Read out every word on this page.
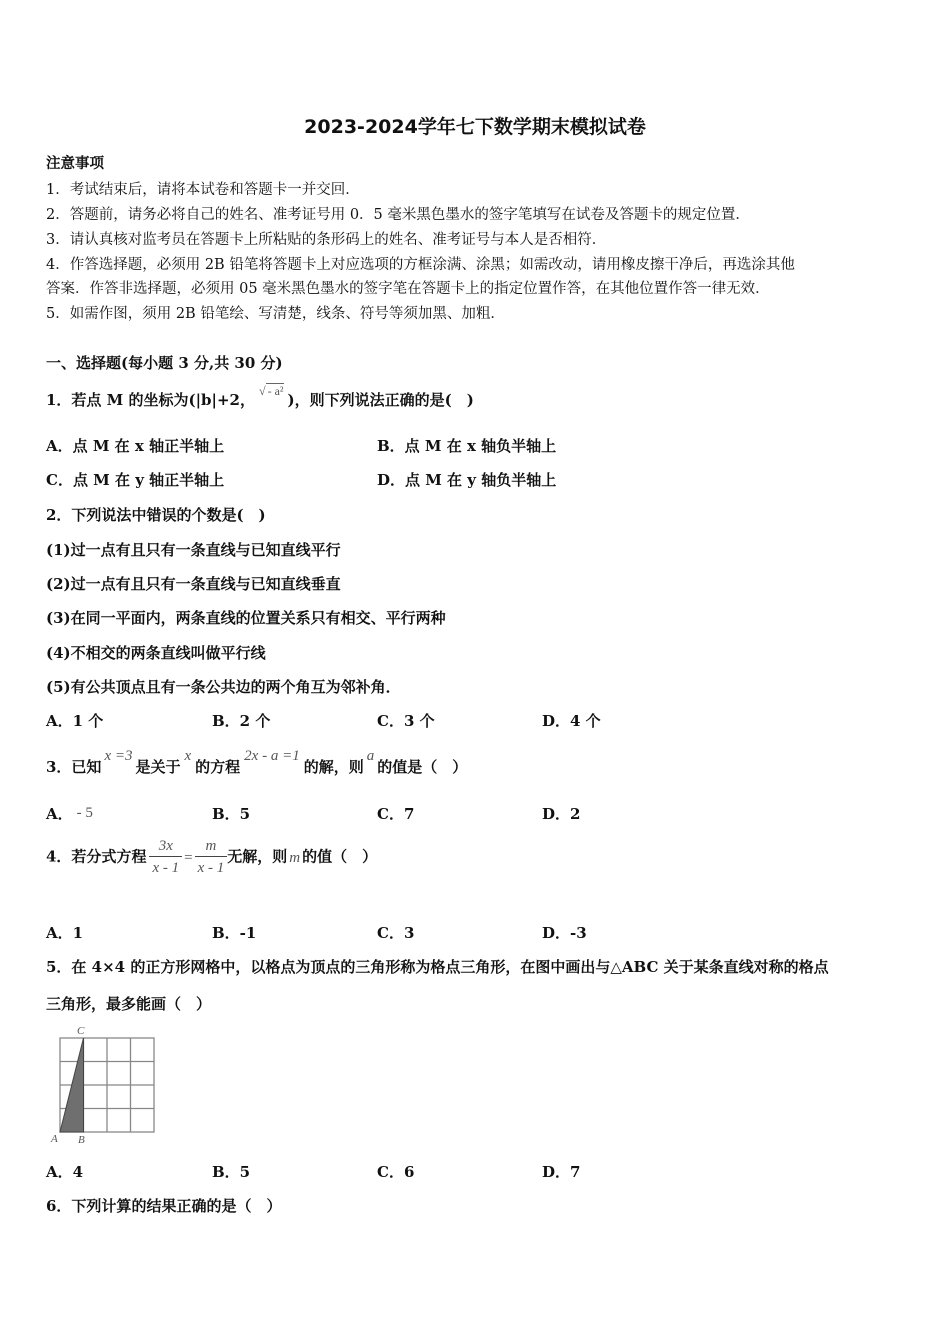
2023-2024学年七下数学期末模拟试卷
注意事项
1．考试结束后，请将本试卷和答题卡一并交回．
2．答题前，请务必将自己的姓名、准考证号用 0．5 毫米黑色墨水的签字笔填写在试卷及答题卡的规定位置．
3．请认真核对监考员在答题卡上所粘贴的条形码上的姓名、准考证号与本人是否相符．
4．作答选择题，必须用 2B 铅笔将答题卡上对应选项的方框涂满、涂黑；如需改动，请用橡皮擦干净后，再选涂其他
答案．作答非选择题，必须用 05 毫米黑色墨水的签字笔在答题卡上的指定位置作答，在其他位置作答一律无效．
5．如需作图，须用 2B 铅笔绘、写清楚，线条、符号等须加黑、加粗．
一、选择题(每小题 3 分,共 30 分)
1．若点 M 的坐标为(|b|+2， $^{√ - a^2}$ )，则下列说法正确的是(　)
A．点 M 在 x 轴正半轴上	B．点 M 在 x 轴负半轴上
C．点 M 在 y 轴正半轴上	D．点 M 在 y 轴负半轴上
2．下列说法中错误的个数是(　)
(1)过一点有且只有一条直线与已知直线平行
(2)过一点有且只有一条直线与已知直线垂直
(3)在同一平面内，两条直线的位置关系只有相交、平行两种
(4)不相交的两条直线叫做平行线
(5)有公共顶点且有一条公共边的两个角互为邻补角．
A．1 个	B．2 个	C．3 个	D．4 个
3．已知x =3是关于x的方程2x - a =1的解，则a的值是（　）
A． - 5	B．5	C．7	D．2
4．若分式方程 $\frac{3x}{x - 1} = \frac{m}{x - 1}$ 无解，则 m 的值（　）
A．1	B．-1	C．3	D．-3
5．在 4×4 的正方形网格中，以格点为顶点的三角形称为格点三角形，在图中画出与△ABC 关于某条直线对称的格点
三角形，最多能画（　）
C
A B
A．4	B．5	C．6	D．7
6．下列计算的结果正确的是（　）
